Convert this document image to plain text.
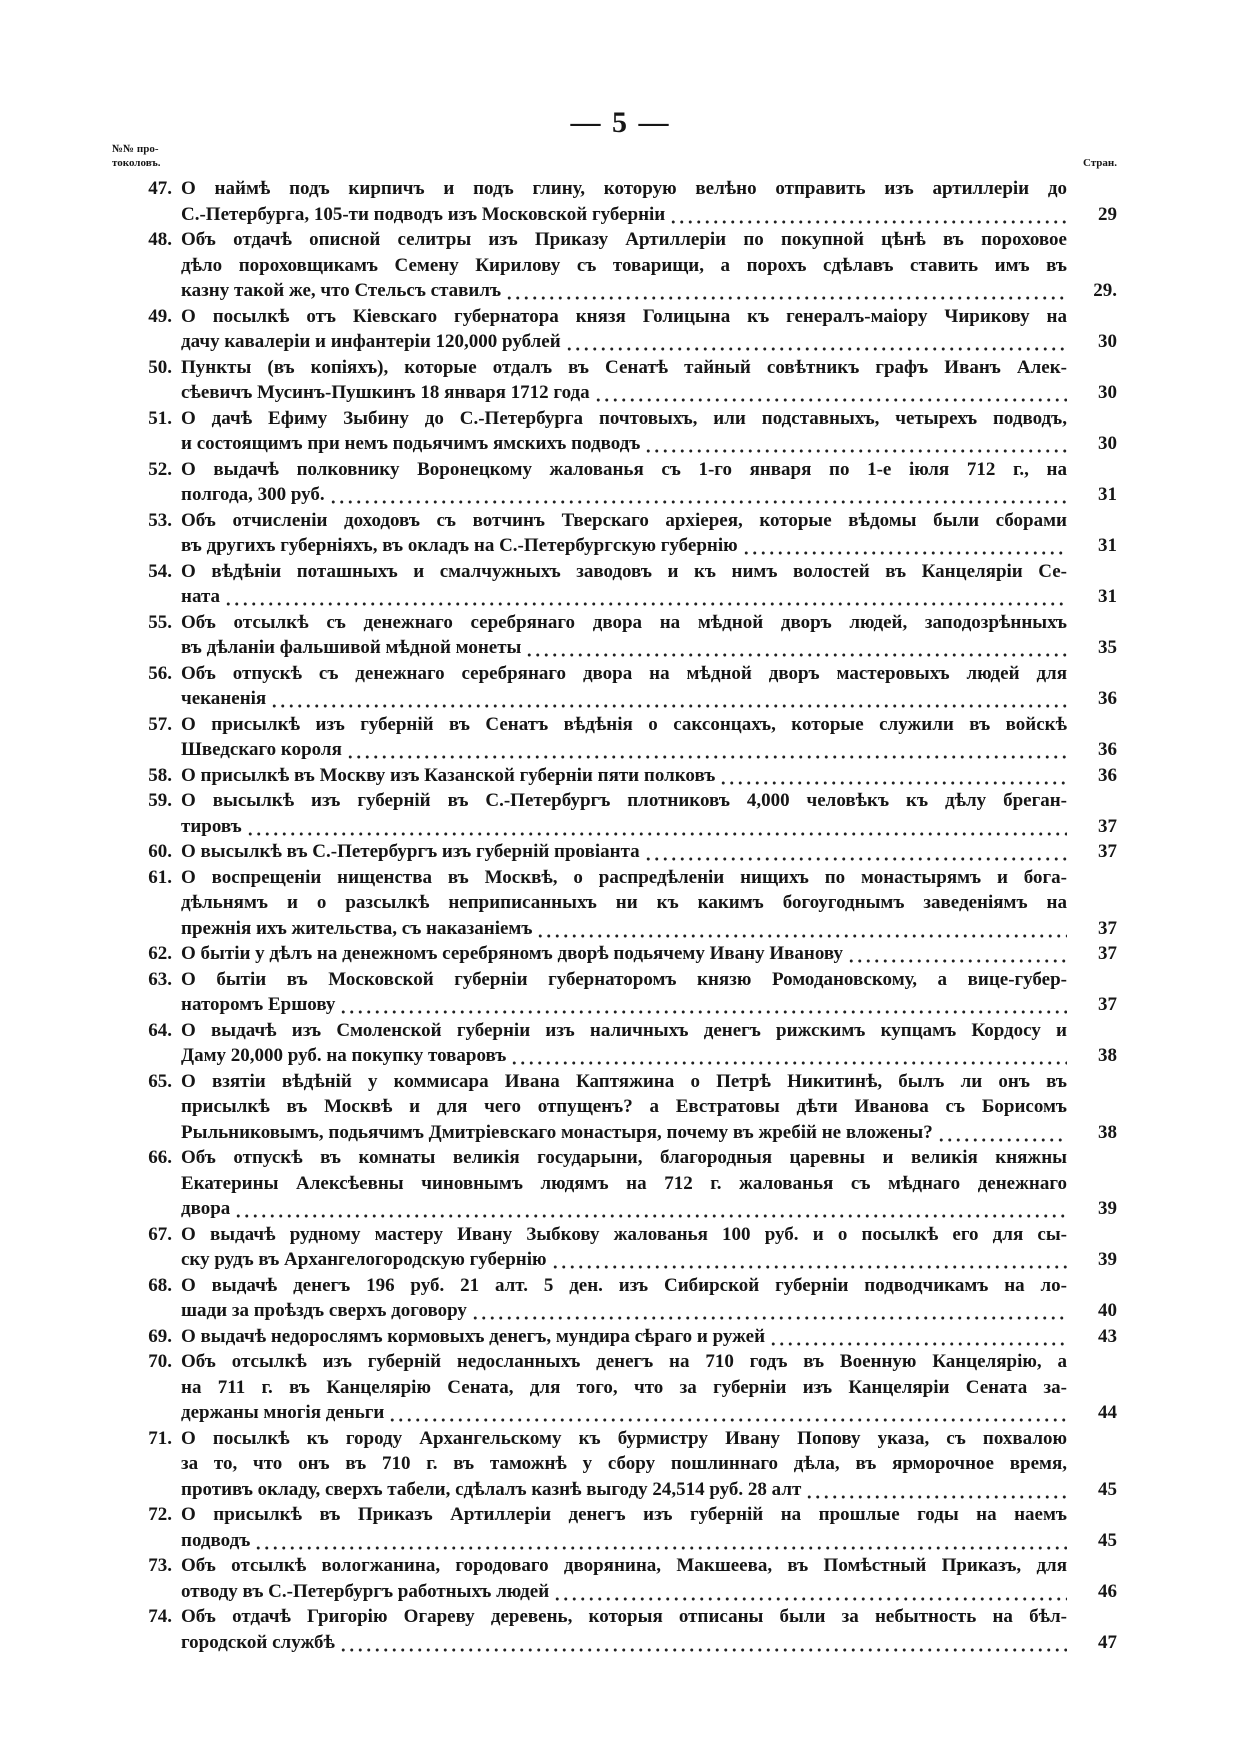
— 5 —
№№ про-
токоловъ.	Стран.
47. О наймѣ подъ кирпичъ и подъ глину, которую велѣно отправить изъ артиллеріи до
С.-Петербурга, 105-ти подводъ изъ Московской губерніи	29
48. Объ отдачѣ описной селитры изъ Приказу Артиллеріи по покупной цѣнѣ въ пороховое
дѣло пороховщикамъ Семену Кирилову съ товарищи, а порохъ сдѣлавъ ставить имъ въ
казну такой же, что Стельсъ ставилъ	29.
49. О посылкѣ отъ Кіевскаго губернатора князя Голицына къ генералъ-маіору Чирикову на
дачу кавалеріи и инфантеріи 120,000 рублей	30
50. Пункты (въ копіяхъ), которые отдалъ въ Сенатѣ тайный совѣтникъ графъ Иванъ Алек-
сѣевичъ Мусинъ-Пушкинъ 18 января 1712 года	30
51. О дачѣ Ефиму Зыбину до С.-Петербурга почтовыхъ, или подставныхъ, четырехъ подводъ,
и состоящимъ при немъ подьячимъ ямскихъ подводъ	30
52. О выдачѣ полковнику Воронецкому жалованья съ 1-го января по 1-е іюля 712 г., на
полгода, 300 руб.	31
53. Объ отчисленіи доходовъ съ вотчинъ Тверскаго архіерея, которые вѣдомы были сборами
въ другихъ губерніяхъ, въ окладъ на С.-Петербургскую губернію	31
54. О вѣдѣніи поташныхъ и смалчужныхъ заводовъ и къ нимъ волостей въ Канцеляріи Се-
ната	31
55. Объ отсылкѣ съ денежнаго серебрянаго двора на мѣдной дворъ людей, заподозрѣнныхъ
въ дѣланіи фальшивой мѣдной монеты	35
56. Объ отпускѣ съ денежнаго серебрянаго двора на мѣдной дворъ мастеровыхъ людей для
чеканенія	36
57. О присылкѣ изъ губерній въ Сенатъ вѣдѣнія о саксонцахъ, которые служили въ войскѣ
Шведскаго короля	36
58. О присылкѣ въ Москву изъ Казанской губерніи пяти полковъ	36
59. О высылкѣ изъ губерній въ С.-Петербургъ плотниковъ 4,000 человѣкъ къ дѣлу бреган-
тировъ	37
60. О высылкѣ въ С.-Петербургъ изъ губерній провіанта	37
61. О воспрещеніи нищенства въ Москвѣ, о распредѣленіи нищихъ по монастырямъ и бога-
дѣльнямъ и о разсылкѣ неприписанныхъ ни къ какимъ богоугоднымъ заведеніямъ на
прежнія ихъ жительства, съ наказаніемъ	37
62. О бытіи у дѣлъ на денежномъ серебряномъ дворѣ подьячему Ивану Иванову	37
63. О бытіи въ Московской губерніи губернаторомъ князю Ромодановскому, а вице-губер-
наторомъ Ершову	37
64. О выдачѣ изъ Смоленской губерніи изъ наличныхъ денегъ рижскимъ купцамъ Кордосу и
Даму 20,000 руб. на покупку товаровъ	38
65. О взятіи вѣдѣній у коммисара Ивана Каптяжина о Петрѣ Никитинѣ, былъ ли онъ въ
присылкѣ въ Москвѣ и для чего отпущенъ? а Евстратовы дѣти Иванова съ Борисомъ
Рыльниковымъ, подьячимъ Дмитріевскаго монастыря, почему въ жребій не вложены?	38
66. Объ отпускѣ въ комнаты великія государыни, благородныя царевны и великія княжны
Екатерины Алексѣевны чиновнымъ людямъ на 712 г. жалованья съ мѣднаго денежнаго
двора	39
67. О выдачѣ рудному мастеру Ивану Зыбкову жалованья 100 руб. и о посылкѣ его для сы-
ску рудъ въ Архангелогородскую губернію	39
68. О выдачѣ денегъ 196 руб. 21 алт. 5 ден. изъ Сибирской губерніи подводчикамъ на ло-
шади за проѣздъ сверхъ договору	40
69. О выдачѣ недорослямъ кормовыхъ денегъ, мундира сѣраго и ружей	43
70. Объ отсылкѣ изъ губерній недосланныхъ денегъ на 710 годъ въ Военную Канцелярію, а
на 711 г. въ Канцелярію Сената, для того, что за губерніи изъ Канцеляріи Сената за-
держаны многія деньги	44
71. О посылкѣ къ городу Архангельскому къ бурмистру Ивану Попову указа, съ похвалою
за то, что онъ въ 710 г. въ таможнѣ у сбору пошлиннаго дѣла, въ ярморочное время,
противъ окладу, сверхъ табели, сдѣлалъ казнѣ выгоду 24,514 руб. 28 алт	45
72. О присылкѣ въ Приказъ Артиллеріи денегъ изъ губерній на прошлые годы на наемъ
подводъ	45
73. Объ отсылкѣ вологжанина, городоваго дворянина, Макшеева, въ Помѣстный Приказъ, для
отводу въ С.-Петербургъ работныхъ людей	46
74. Объ отдачѣ Григорію Огареву деревень, которыя отписаны были за небытность на бѣл-
городской службѣ	47
